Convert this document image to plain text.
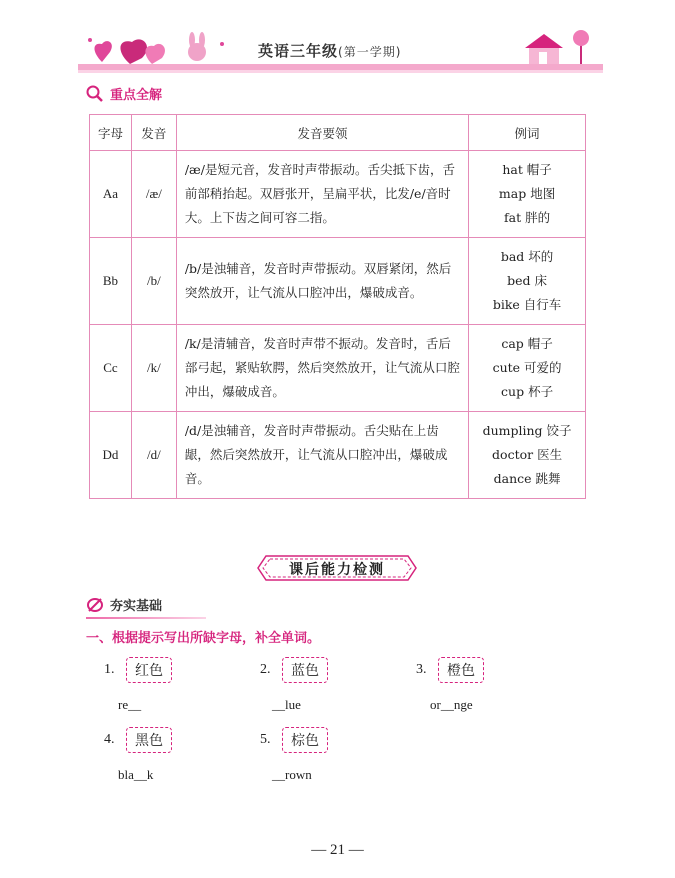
英语三年级(第一学期)
重点全解
字母	发音	发音要领	例词
Aa	/æ/	/æ/是短元音，发音时声带振动。舌尖抵下齿，舌前部稍抬起。双唇张开，呈扁平状，比发/e/音时大。上下齿之间可容二指。	hat 帽子
map 地图
fat 胖的

Bb	/b/	/b/是浊辅音，发音时声带振动。双唇紧闭，然后突然放开，让气流从口腔冲出，爆破成音。	bad 坏的
bed 床
bike 自行车

Cc	/k/	/k/是清辅音，发音时声带不振动。发音时，舌后部弓起，紧贴软腭，然后突然放开，让气流从口腔冲出，爆破成音。	cap 帽子
cute 可爱的
cup 杯子

Dd	/d/	/d/是浊辅音，发音时声带振动。舌尖贴在上齿龈，然后突然放开，让气流从口腔冲出，爆破成音。	dumpling 饺子
doctor 医生
dance 跳舞
课后能力检测
夯实基础
一、根据提示写出所缺字母，补全单词。
1.	红色
re__
2.	蓝色
__lue
3.	橙色
or__nge
4.	黑色
bla__k
5.	棕色
__rown
— 21 —
